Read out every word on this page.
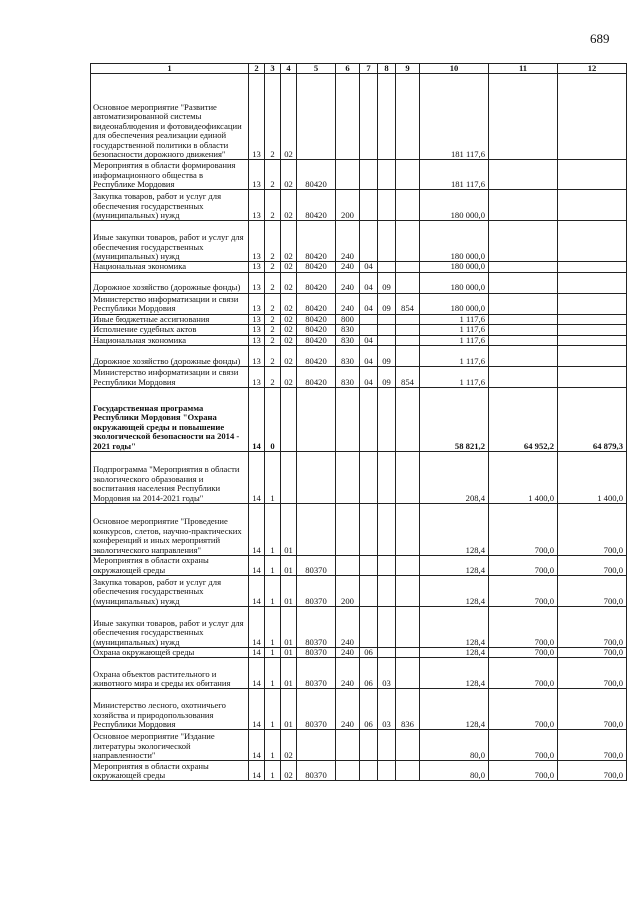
689
1	2	3	4	5	6	7	8	9	10	11	12
Основное мероприятие "Развитие автоматизированной системы видеонаблюдения и фотовидеофиксации для обеспечения реализации единой государственной политики в области безопасности дорожного движения"	13	2	02						181 117,6		
Мероприятия в области формирования информационного общества в Республике Мордовия	13	2	02	80420					181 117,6		
Закупка товаров, работ и услуг для обеспечения государственных (муниципальных) нужд	13	2	02	80420	200				180 000,0		
Иные закупки товаров, работ и услуг для обеспечения государственных (муниципальных) нужд	13	2	02	80420	240				180 000,0		
Национальная экономика	13	2	02	80420	240	04			180 000,0		
Дорожное хозяйство (дорожные фонды)	13	2	02	80420	240	04	09		180 000,0		
Министерство информатизации и связи Республики Мордовия	13	2	02	80420	240	04	09	854	180 000,0		
Иные бюджетные ассигнования	13	2	02	80420	800				1 117,6		
Исполнение судебных актов	13	2	02	80420	830				1 117,6		
Национальная экономика	13	2	02	80420	830	04			1 117,6		
Дорожное хозяйство (дорожные фонды)	13	2	02	80420	830	04	09		1 117,6		
Министерство информатизации и связи Республики Мордовия	13	2	02	80420	830	04	09	854	1 117,6		
Государственная программа Республики Мордовия "Охрана окружающей среды и повышение экологической безопасности на 2014 - 2021 годы"	14	0							58 821,2	64 952,2	64 879,3
Подпрограмма "Мероприятия в области экологического образования и воспитания населения Республики Мордовия на 2014-2021 годы"	14	1							208,4	1 400,0	1 400,0
Основное мероприятие "Проведение конкурсов, слетов, научно-практических конференций и иных мероприятий экологического направления"	14	1	01						128,4	700,0	700,0
Мероприятия в области охраны окружающей среды	14	1	01	80370					128,4	700,0	700,0
Закупка товаров, работ и услуг для обеспечения государственных (муниципальных) нужд	14	1	01	80370	200				128,4	700,0	700,0
Иные закупки товаров, работ и услуг для обеспечения государственных (муниципальных) нужд	14	1	01	80370	240				128,4	700,0	700,0
Охрана окружающей среды	14	1	01	80370	240	06			128,4	700,0	700,0
Охрана объектов растительного и животного мира и среды их обитания	14	1	01	80370	240	06	03		128,4	700,0	700,0
Министерство лесного, охотничьего хозяйства и природопользования Республики Мордовия	14	1	01	80370	240	06	03	836	128,4	700,0	700,0
Основное мероприятие "Издание литературы экологической направленности"	14	1	02						80,0	700,0	700,0
Мероприятия в области охраны окружающей среды	14	1	02	80370					80,0	700,0	700,0
